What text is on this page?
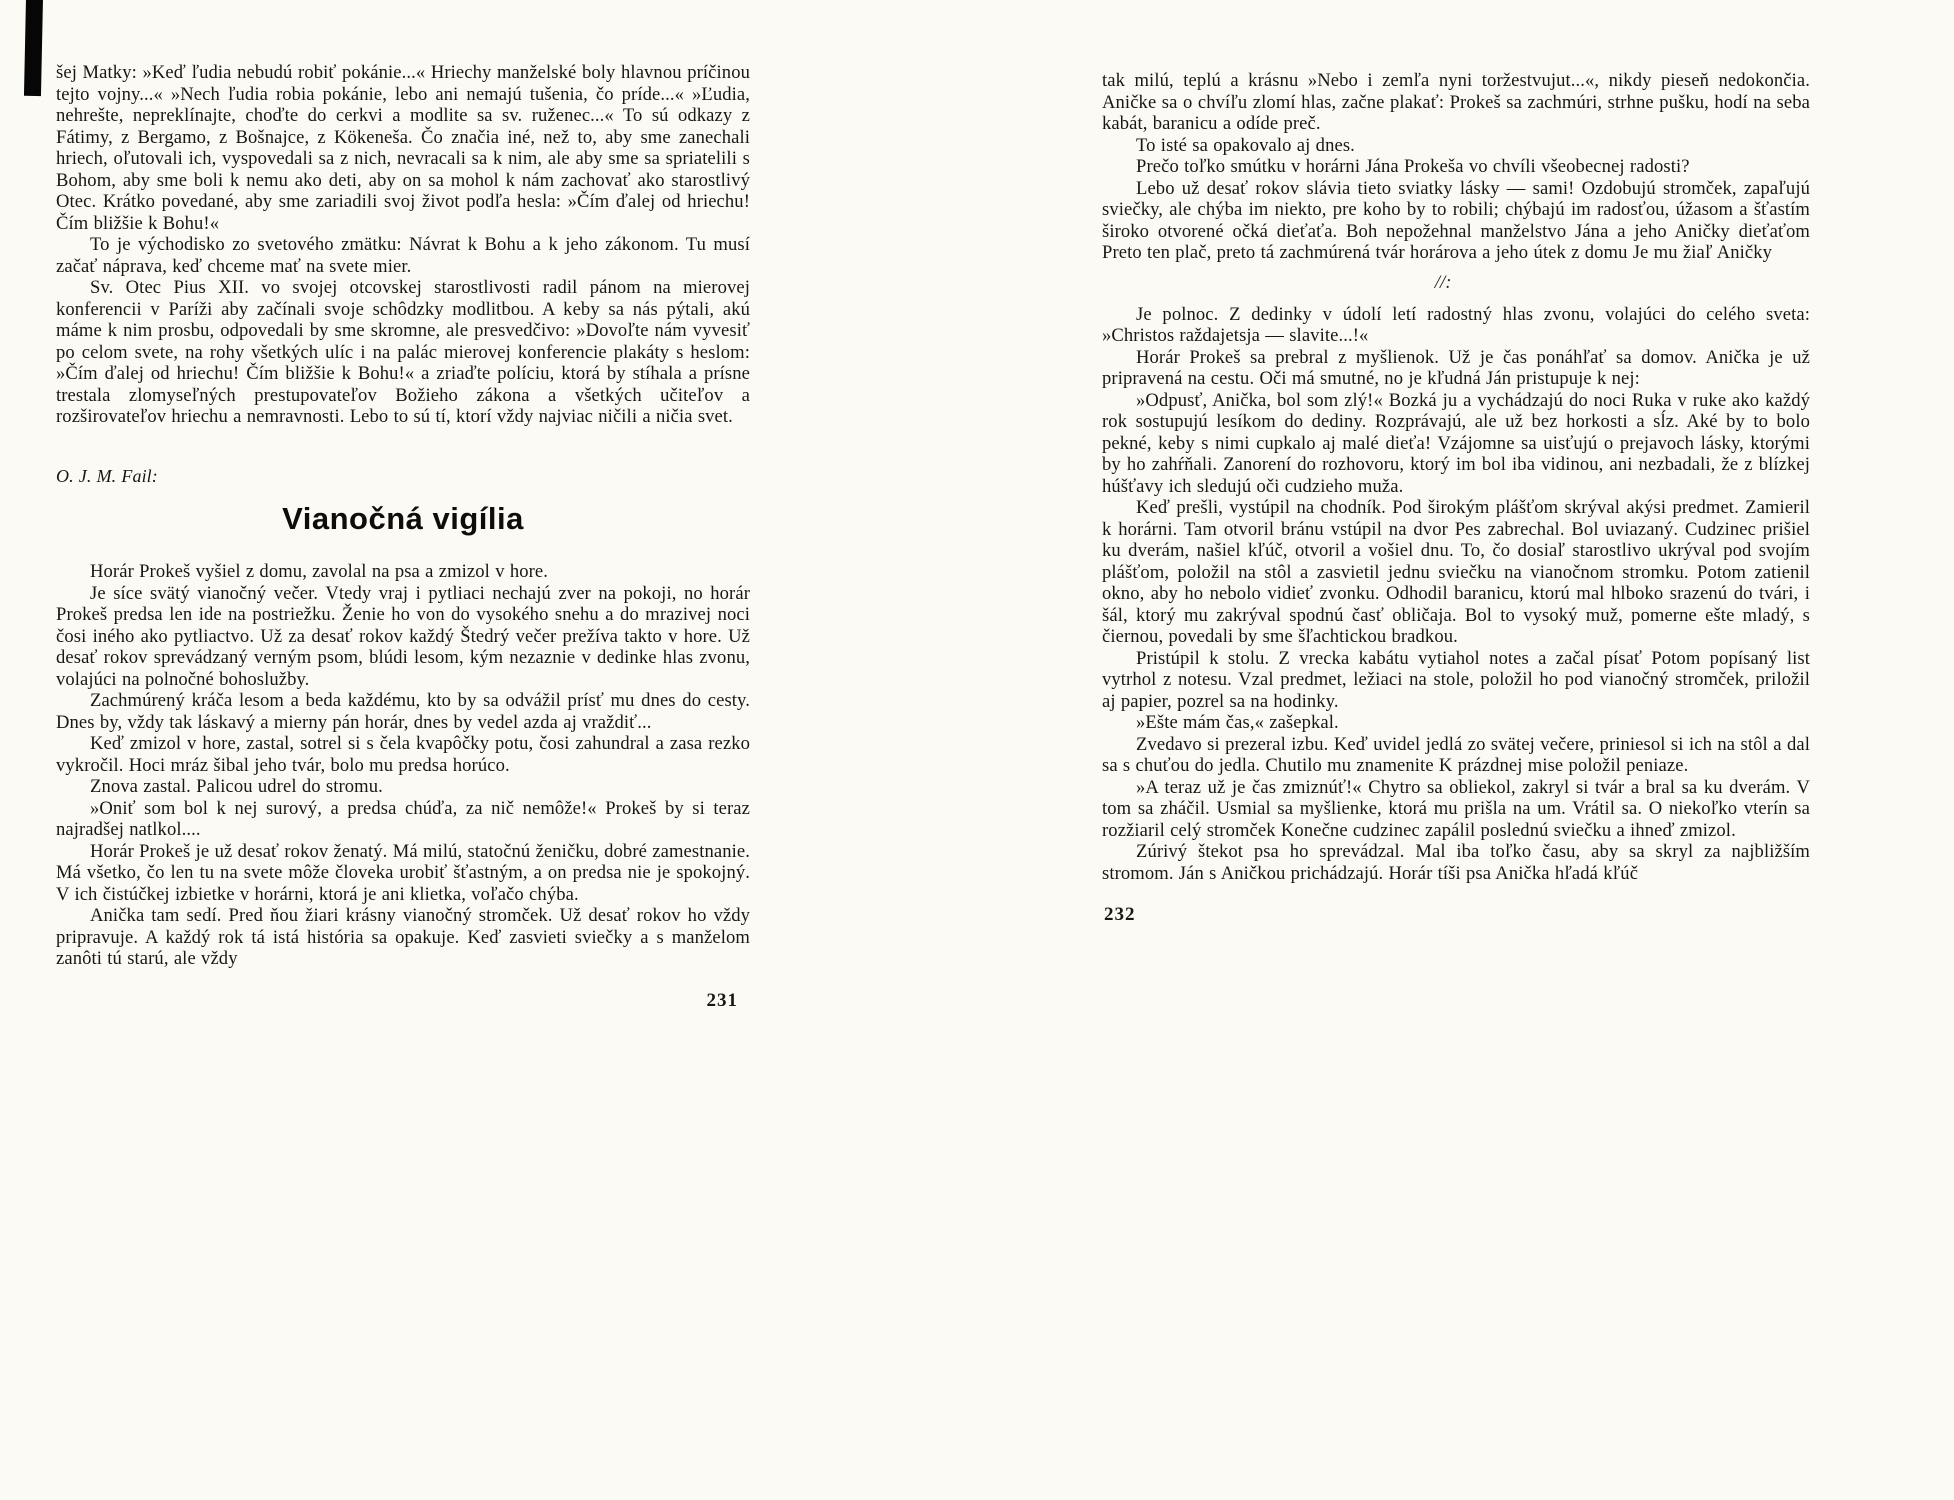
šej Matky: »Keď ľudia nebudú robiť pokánie...« Hriechy manželské boly hlavnou príčinou tejto vojny...« »Nech ľudia robia pokánie, lebo ani nemajú tušenia, čo príde...« »Ľudia, nehrešte, nepreklínajte, choďte do cerkvi a modlite sa sv. ruženec...« To sú odkazy z Fátimy, z Bergamo, z Bošnajce, z Kökeneša. Čo značia iné, než to, aby sme zanechali hriech, oľutovali ich, vyspovedali sa z nich, nevracali sa k nim, ale aby sme sa spriatelili s Bohom, aby sme boli k nemu ako deti, aby on sa mohol k nám zachovať ako starostlivý Otec. Krátko povedané, aby sme zariadili svoj život podľa hesla: »Čím ďalej od hriechu! Čím bližšie k Bohu!«

To je východisko zo svetového zmätku: Návrat k Bohu a k jeho zákonom. Tu musí začať náprava, keď chceme mať na svete mier.

Sv. Otec Pius XII. vo svojej otcovskej starostlivosti radil pánom na mierovej konferencii v Paríži aby začínali svoje schôdzky modlitbou. A keby sa nás pýtali, akú máme k nim prosbu, odpovedali by sme skromne, ale presvedčivo: »Dovoľte nám vyvesiť po celom svete, na rohy všetkých ulíc i na palác mierovej konferencie plakáty s heslom: »Čím ďalej od hriechu! Čím bližšie k Bohu!« a zriaďte políciu, ktorá by stíhala a prísne trestala zlomyseľných prestupovateľov Božieho zákona a všetkých učiteľov a rozširovateľov hriechu a nemravnosti. Lebo to sú tí, ktorí vždy najviac ničili a ničia svet.

O. J. M. Fail:

Vianočná vigília

Horár Prokeš vyšiel z domu, zavolal na psa a zmizol v hore.

Je síce svätý vianočný večer. Vtedy vraj i pytliaci nechajú zver na pokoji, no horár Prokeš predsa len ide na postriežku. Ženie ho von do vysokého snehu a do mrazivej noci čosi iného ako pytliactvo. Už za desať rokov každý Štedrý večer prežíva takto v hore. Už desať rokov sprevádzaný verným psom, blúdi lesom, kým nezaznie v dedinke hlas zvonu, volajúci na polnočné bohoslužby.

Zachmúrený kráča lesom a beda každému, kto by sa odvážil prísť mu dnes do cesty. Dnes by, vždy tak láskavý a mierny pán horár, dnes by vedel azda aj vraždiť...

Keď zmizol v hore, zastal, sotrel si s čela kvapôčky potu, čosi zahundral a zasa rezko vykročil. Hoci mráz šibal jeho tvár, bolo mu predsa horúco.

Znova zastal. Palicou udrel do stromu.

»Oniť som bol k nej surový, a predsa chúďa, za nič nemôže!« Prokeš by si teraz najradšej natlkol....

Horár Prokeš je už desať rokov ženatý. Má milú, statočnú ženičku, dobré zamestnanie. Má všetko, čo len tu na svete môže človeka urobiť šťastným, a on predsa nie je spokojný. V ich čistúčkej izbietke v horárni, ktorá je ani klietka, voľačo chýba.

Anička tam sedí. Pred ňou žiari krásny vianočný stromček. Už desať rokov ho vždy pripravuje. A každý rok tá istá história sa opakuje. Keď zasvieti sviečky a s manželom zanôti tú starú, ale vždy

231

tak milú, teplú a krásnu »Nebo i zemľa nyni toržestvujut...«, nikdy pieseň nedokončia. Aničke sa o chvíľu zlomí hlas, začne plakať: Prokeš sa zachmúri, strhne pušku, hodí na seba kabát, baranicu a odíde preč.

To isté sa opakovalo aj dnes.

Prečo toľko smútku v horárni Jána Prokeša vo chvíli všeobecnej radosti?

Lebo už desať rokov slávia tieto sviatky lásky — sami! Ozdobujú stromček, zapaľujú sviečky, ale chýba im niekto, pre koho by to robili; chýbajú im radosťou, úžasom a šťastím široko otvorené očká dieťaťa. Boh nepožehnal manželstvo Jána a jeho Aničky dieťaťom Preto ten plač, preto tá zachmúrená tvár horárova a jeho útek z domu Je mu žiaľ Aničky

//:

Je polnoc. Z dedinky v údolí letí radostný hlas zvonu, volajúci do celého sveta: »Christos raždajetsja — slavite...!«

Horár Prokeš sa prebral z myšlienok. Už je čas ponáhľať sa domov. Anička je už pripravená na cestu. Oči má smutné, no je kľudná Ján pristupuje k nej:

»Odpusť, Anička, bol som zlý!« Bozká ju a vychádzajú do noci Ruka v ruke ako každý rok sostupujú lesíkom do dediny. Rozprávajú, ale už bez horkosti a sĺz. Aké by to bolo pekné, keby s nimi cupkalo aj malé dieťa! Vzájomne sa uisťujú o prejavoch lásky, ktorými by ho zahŕňali. Zanorení do rozhovoru, ktorý im bol iba vidinou, ani nezbadali, že z blízkej húšťavy ich sledujú oči cudzieho muža.

Keď prešli, vystúpil na chodník. Pod širokým plášťom skrýval akýsi predmet. Zamieril k horárni. Tam otvoril bránu vstúpil na dvor Pes zabrechal. Bol uviazaný. Cudzinec prišiel ku dverám, našiel kľúč, otvoril a vošiel dnu. To, čo dosiaľ starostlivo ukrýval pod svojím plášťom, položil na stôl a zasvietil jednu sviečku na vianočnom stromku. Potom zatienil okno, aby ho nebolo vidieť zvonku. Odhodil baranicu, ktorú mal hlboko srazenú do tvári, i šál, ktorý mu zakrýval spodnú časť obličaja. Bol to vysoký muž, pomerne ešte mladý, s čiernou, povedali by sme šľachtickou bradkou.

Pristúpil k stolu. Z vrecka kabátu vytiahol notes a začal písať Potom popísaný list vytrhol z notesu. Vzal predmet, ležiaci na stole, položil ho pod vianočný stromček, priložil aj papier, pozrel sa na hodinky.

»Ešte mám čas,« zašepkal.

Zvedavo si prezeral izbu. Keď uvidel jedlá zo svätej večere, priniesol si ich na stôl a dal sa s chuťou do jedla. Chutilo mu znamenite K prázdnej mise položil peniaze.

»A teraz už je čas zmiznúť!« Chytro sa obliekol, zakryl si tvár a bral sa ku dverám. V tom sa zháčil. Usmial sa myšlienke, ktorá mu prišla na um. Vrátil sa. O niekoľko vterín sa rozžiaril celý stromček Konečne cudzinec zapálil poslednú sviečku a ihneď zmizol.

Zúrivý štekot psa ho sprevádzal. Mal iba toľko času, aby sa skryl za najbližším stromom. Ján s Aničkou prichádzajú. Horár tíši psa Anička hľadá kľúč

232
